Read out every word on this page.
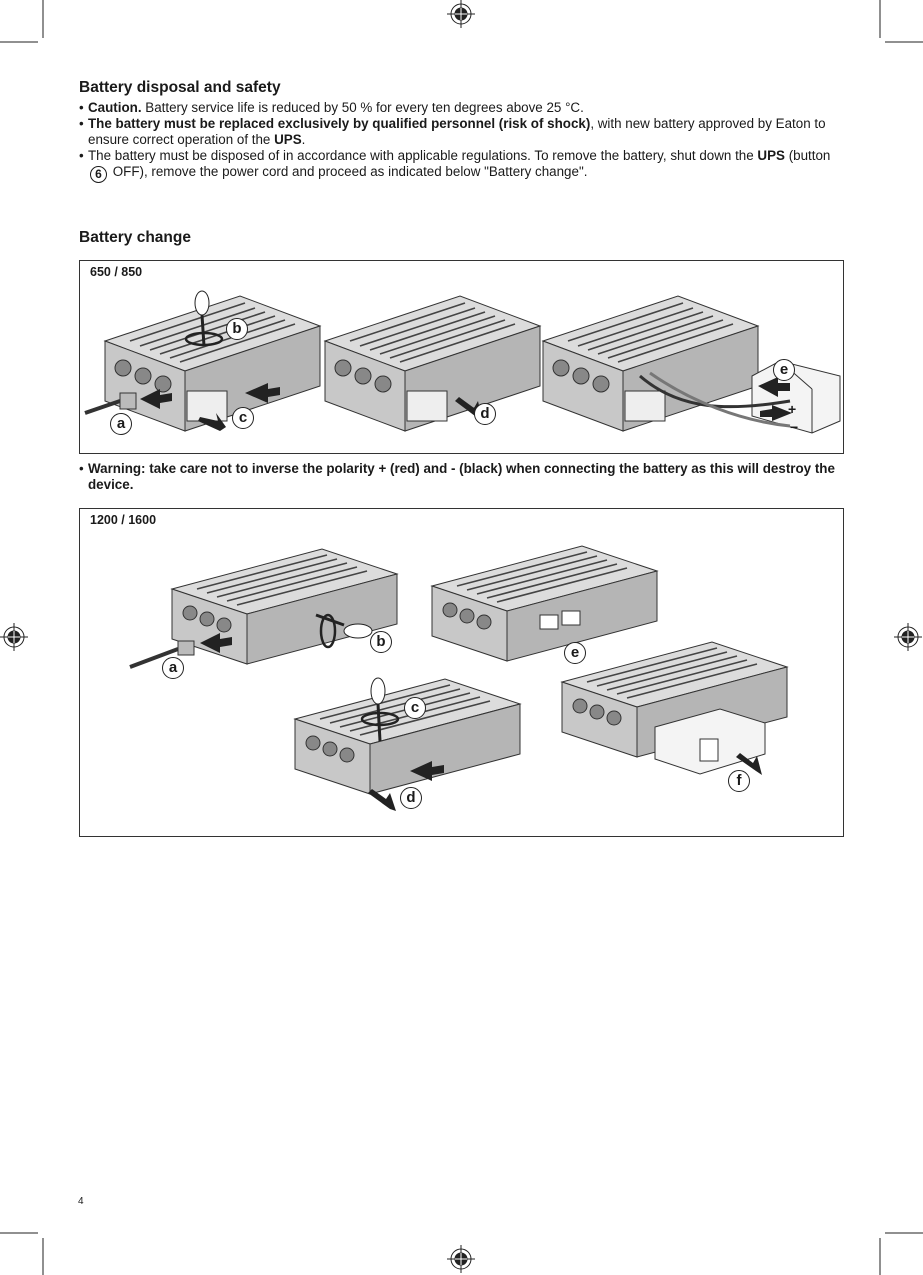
Battery disposal and safety
• Caution. Battery service life is reduced by 50 % for every ten degrees above 25 °C.
• The battery must be replaced exclusively by qualified personnel (risk of shock), with new battery approved by Eaton to ensure correct operation of the UPS.
• The battery must be disposed of in accordance with applicable regulations. To remove the battery, shut down the UPS (button 6 OFF), remove the power cord and proceed as indicated below "Battery change".
Battery change
650 / 850
+
−
a
b
c	d
e
• Warning: take care not to inverse the polarity + (red) and - (black) when connecting the battery as this will destroy the device.
1200 / 1600
a
b
c
d
e
f
4
